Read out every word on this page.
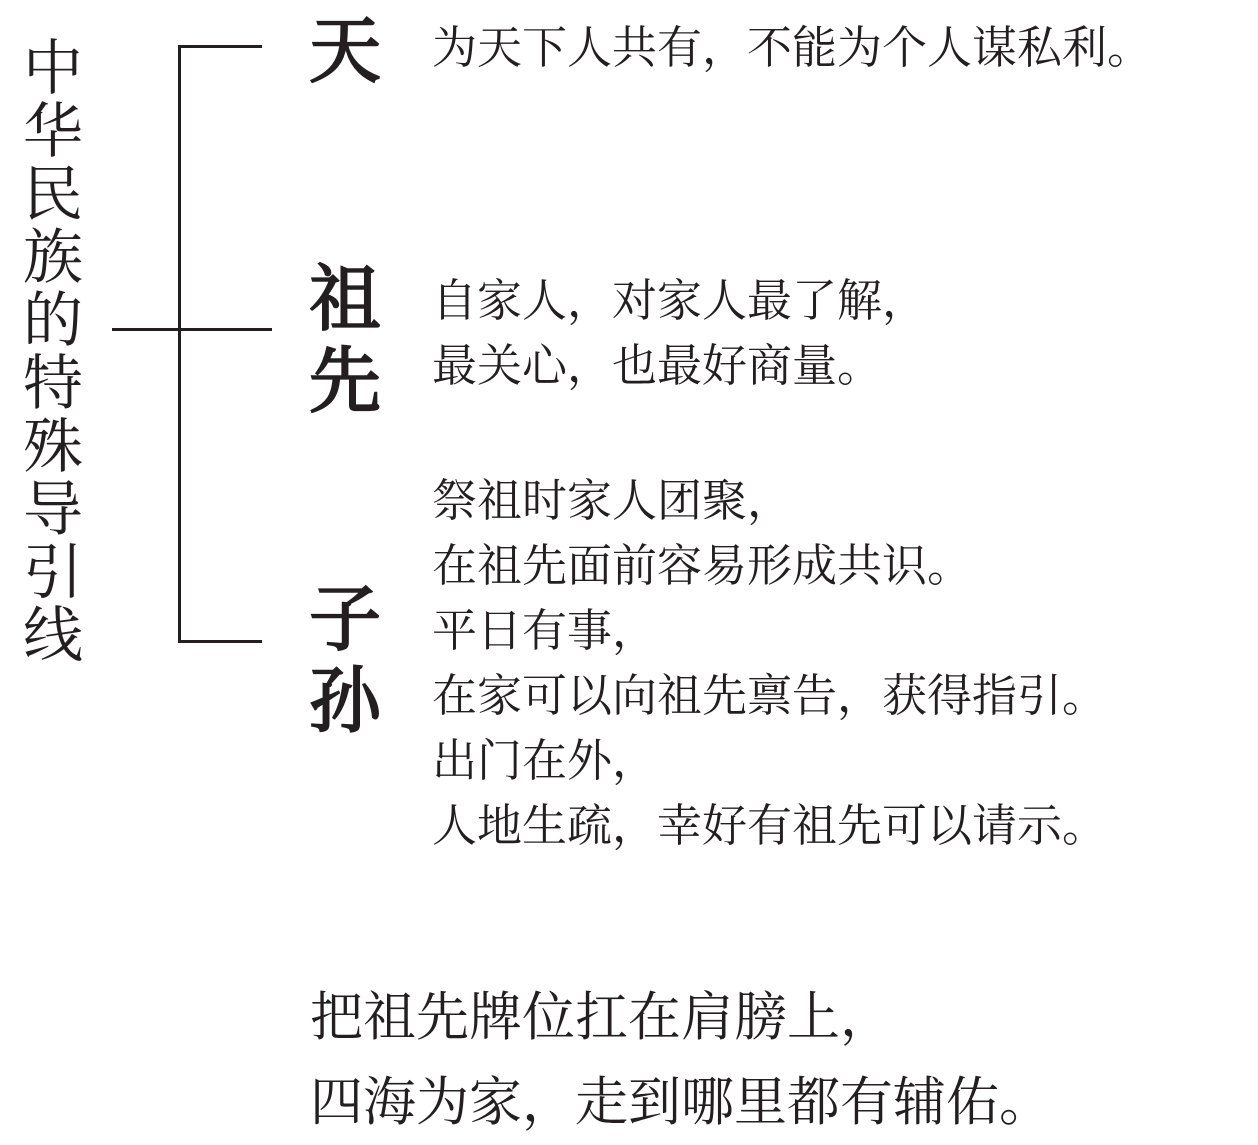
中
华
民
族
的
特
殊
导
引
线
天 为天下人共有，不能为个人谋私利。
祖
先
自家人，对家人最了解，
最关心，也最好商量。
子
孙
祭祖时家人团聚，
在祖先面前容易形成共识。
平日有事，
在家可以向祖先禀告，获得指引。
出门在外，
人地生疏，幸好有祖先可以请示。
把祖先牌位扛在肩膀上，
四海为家，走到哪里都有辅佑。
